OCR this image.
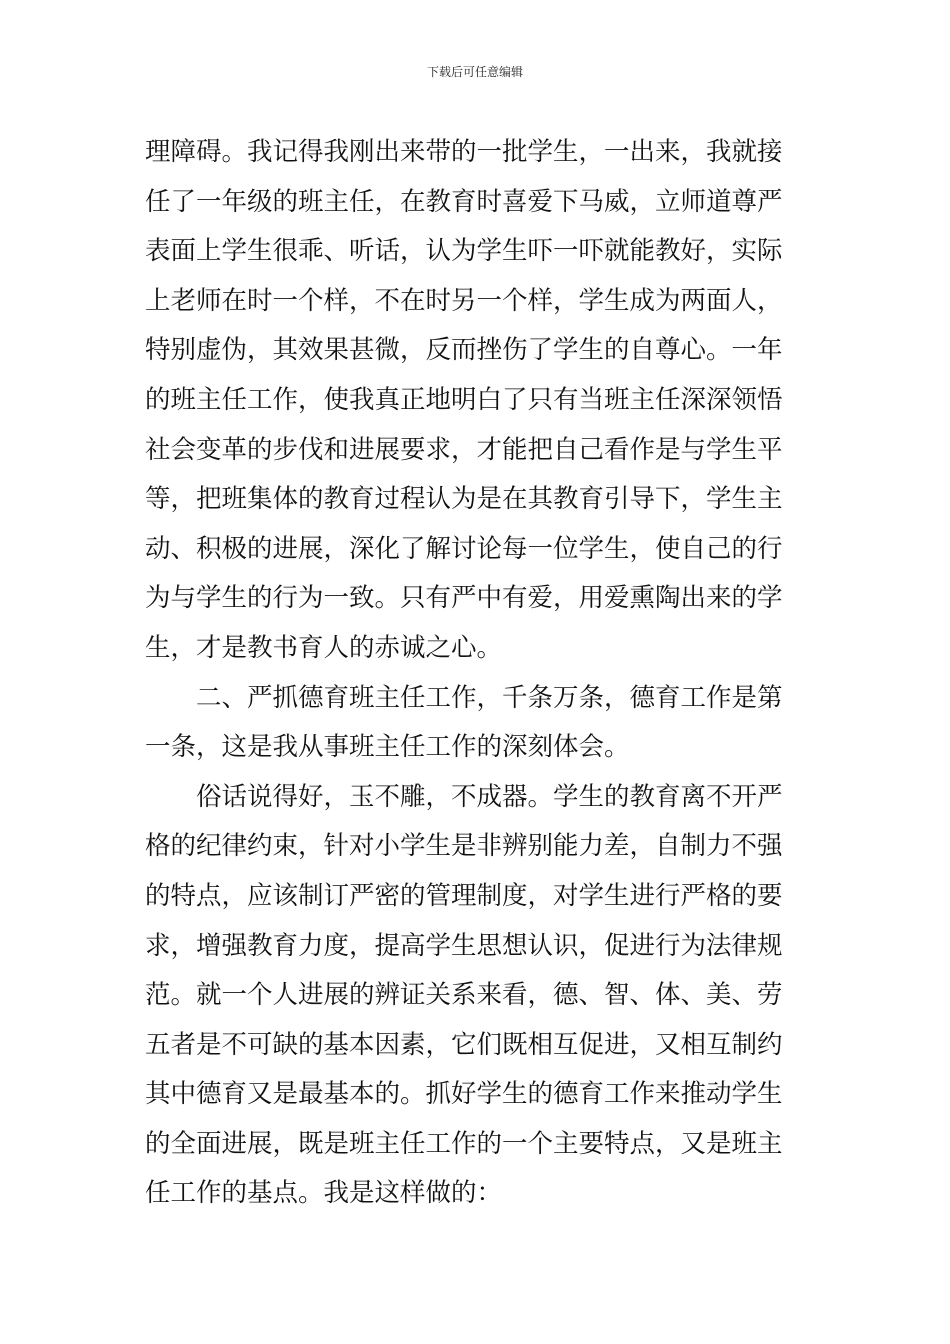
下载后可任意编辑
理障碍。我记得我刚出来带的一批学生，一出来，我就接
任了一年级的班主任，在教育时喜爱下马威，立师道尊严
表面上学生很乖、听话，认为学生吓一吓就能教好，实际
上老师在时一个样，不在时另一个样，学生成为两面人，
特别虚伪，其效果甚微，反而挫伤了学生的自尊心。一年
的班主任工作，使我真正地明白了只有当班主任深深领悟
社会变革的步伐和进展要求，才能把自己看作是与学生平
等，把班集体的教育过程认为是在其教育引导下，学生主
动、积极的进展，深化了解讨论每一位学生，使自己的行
为与学生的行为一致。只有严中有爱，用爱熏陶出来的学
生，才是教书育人的赤诚之心。
　　二、严抓德育班主任工作，千条万条，德育工作是第
一条，这是我从事班主任工作的深刻体会。
　　俗话说得好，玉不雕，不成器。学生的教育离不开严
格的纪律约束，针对小学生是非辨别能力差，自制力不强
的特点，应该制订严密的管理制度，对学生进行严格的要
求，增强教育力度，提高学生思想认识，促进行为法律规
范。就一个人进展的辨证关系来看，德、智、体、美、劳
五者是不可缺的基本因素，它们既相互促进，又相互制约
其中德育又是最基本的。抓好学生的德育工作来推动学生
的全面进展，既是班主任工作的一个主要特点，又是班主
任工作的基点。我是这样做的：
